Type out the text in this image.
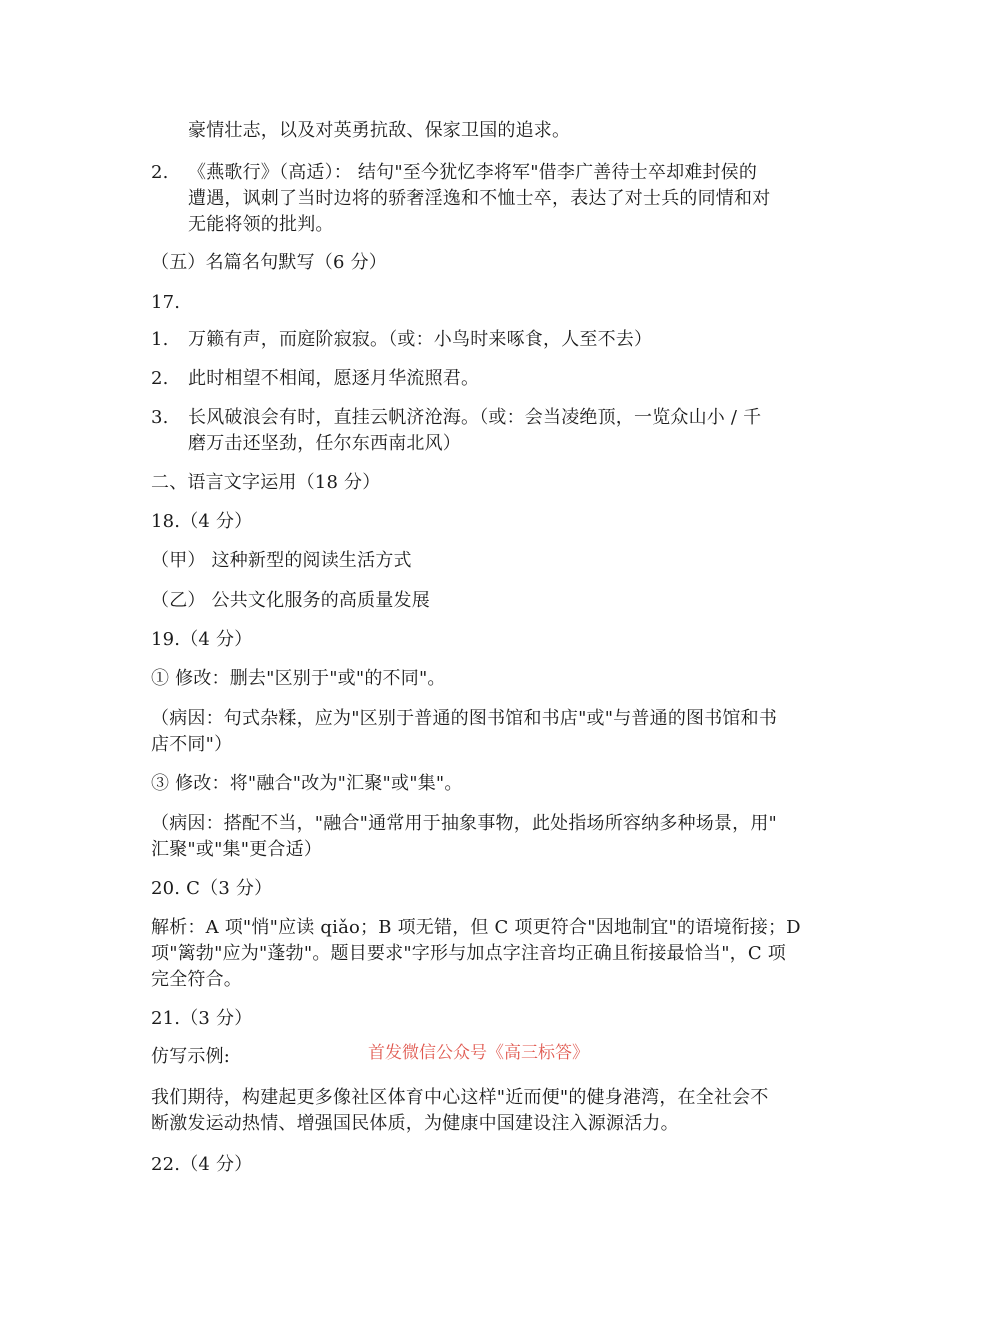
豪情壮志，以及对英勇抗敌、保家卫国的追求。
2. 《燕歌行》（高适）： 结句"至今犹忆李将军"借李广善待士卒却难封侯的
遭遇，讽刺了当时边将的骄奢淫逸和不恤士卒，表达了对士兵的同情和对
无能将领的批判。
（五）名篇名句默写（6 分）
17.
1. 万籁有声，而庭阶寂寂。（或：小鸟时来啄食，人至不去）
2. 此时相望不相闻，愿逐月华流照君。
3. 长风破浪会有时，直挂云帆济沧海。（或：会当凌绝顶，一览众山小 / 千
磨万击还坚劲，任尔东西南北风）
二、语言文字运用（18 分）
18.（4 分）
（甲） 这种新型的阅读生活方式
（乙） 公共文化服务的高质量发展
19.（4 分）
① 修改：删去"区别于"或"的不同"。
（病因：句式杂糅，应为"区别于普通的图书馆和书店"或"与普通的图书馆和书
店不同"）
③ 修改：将"融合"改为"汇聚"或"集"。
（病因：搭配不当，"融合"通常用于抽象事物，此处指场所容纳多种场景，用"
汇聚"或"集"更合适）
20. C（3 分）
解析：A 项"悄"应读 qiǎo；B 项无错，但 C 项更符合"因地制宜"的语境衔接；D
项"篱勃"应为"蓬勃"。题目要求"字形与加点字注音均正确且衔接最恰当"，C 项
完全符合。
21.（3 分）
仿写示例:	首发微信公众号《高三标答》
我们期待，构建起更多像社区体育中心这样"近而便"的健身港湾，在全社会不
断激发运动热情、增强国民体质，为健康中国建设注入源源活力。
22.（4 分）
